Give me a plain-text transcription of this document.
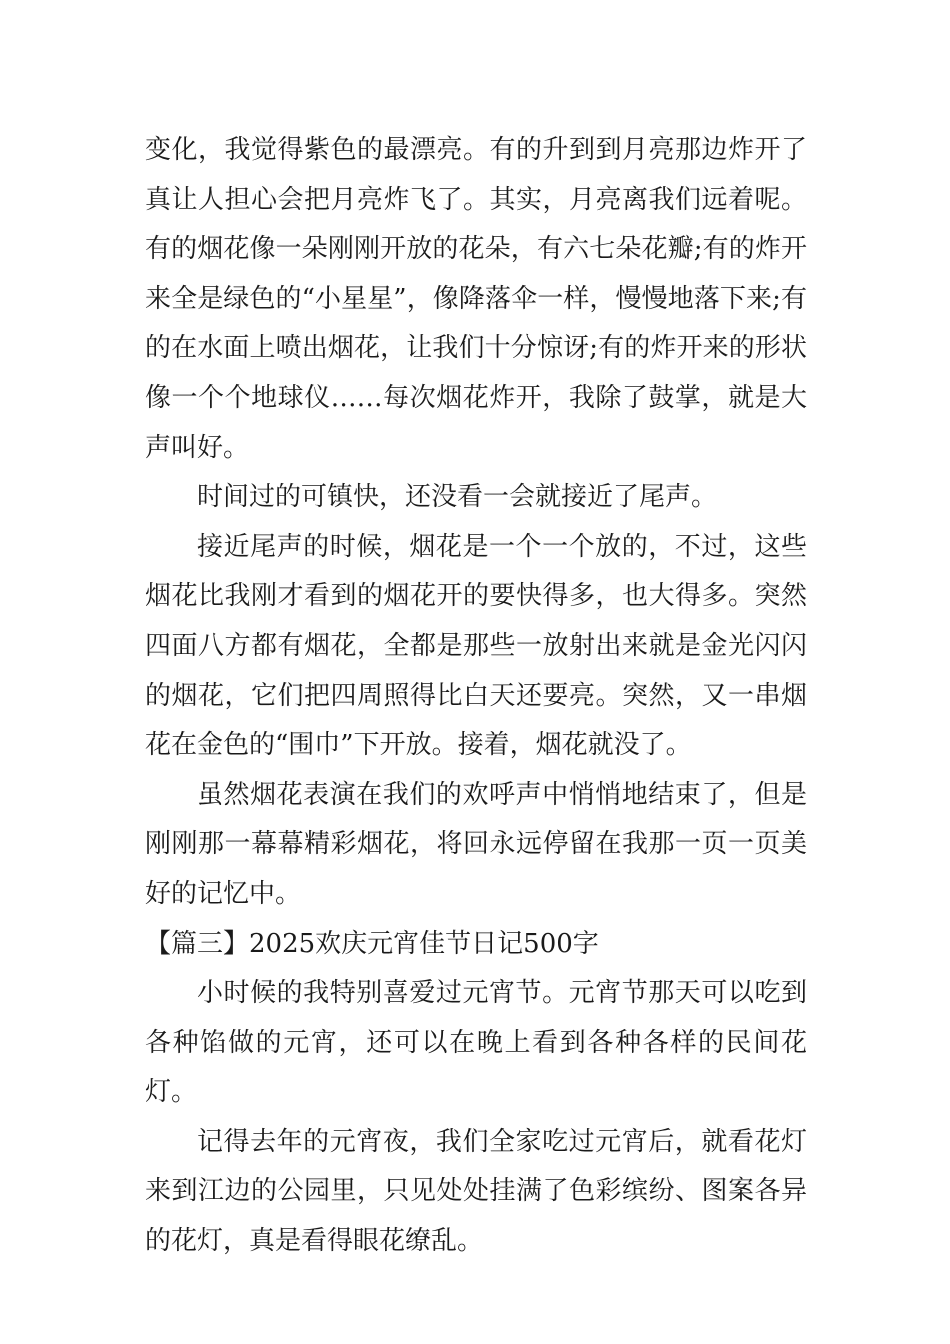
变化，我觉得紫色的最漂亮。有的升到到月亮那边炸开了真让人担心会把月亮炸飞了。其实，月亮离我们远着呢。有的烟花像一朵刚刚开放的花朵，有六七朵花瓣;有的炸开来全是绿色的“小星星”，像降落伞一样，慢慢地落下来;有的在水面上喷出烟花，让我们十分惊讶;有的炸开来的形状像一个个地球仪……每次烟花炸开，我除了鼓掌，就是大声叫好。

时间过的可镇快，还没看一会就接近了尾声。

接近尾声的时候，烟花是一个一个放的，不过，这些烟花比我刚才看到的烟花开的要快得多，也大得多。突然四面八方都有烟花，全都是那些一放射出来就是金光闪闪的烟花，它们把四周照得比白天还要亮。突然，又一串烟花在金色的“围巾”下开放。接着，烟花就没了。

虽然烟花表演在我们的欢呼声中悄悄地结束了，但是刚刚那一幕幕精彩烟花，将回永远停留在我那一页一页美好的记忆中。

【篇三】2025欢庆元宵佳节日记500字

小时候的我特别喜爱过元宵节。元宵节那天可以吃到各种馅做的元宵，还可以在晚上看到各种各样的民间花灯。

记得去年的元宵夜，我们全家吃过元宵后，就看花灯来到江边的公园里，只见处处挂满了色彩缤纷、图案各异的花灯，真是看得眼花缭乱。
